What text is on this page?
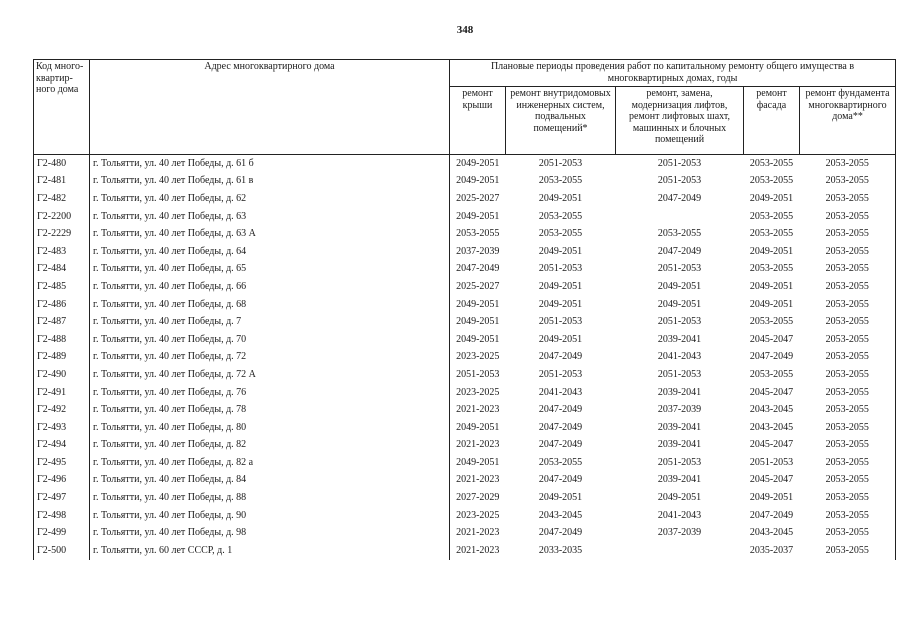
348
Код много-квартир-ного дома	Адрес многоквартирного дома	Плановые периоды проведения работ по капитальному ремонту общего имущества в многоквартирных домах, годы				
		ремонт крыши	ремонт внутридомовых инженерных систем, подвальных помещений*	ремонт, замена, модернизация лифтов, ремонт лифтовых шахт, машинных и блочных помещений	ремонт фасада	ремонт фундамента многоквартирного дома**
Г2-480	г. Тольятти, ул. 40 лет Победы, д. 61 б	2049-2051	2051-2053	2051-2053	2053-2055	2053-2055
Г2-481	г. Тольятти, ул. 40 лет Победы, д. 61 в	2049-2051	2053-2055	2051-2053	2053-2055	2053-2055
Г2-482	г. Тольятти, ул. 40 лет Победы, д. 62	2025-2027	2049-2051	2047-2049	2049-2051	2053-2055
Г2-2200	г. Тольятти, ул. 40 лет Победы, д. 63	2049-2051	2053-2055		2053-2055	2053-2055
Г2-2229	г. Тольятти, ул. 40 лет Победы, д. 63 А	2053-2055	2053-2055	2053-2055	2053-2055	2053-2055
Г2-483	г. Тольятти, ул. 40 лет Победы, д. 64	2037-2039	2049-2051	2047-2049	2049-2051	2053-2055
Г2-484	г. Тольятти, ул. 40 лет Победы, д. 65	2047-2049	2051-2053	2051-2053	2053-2055	2053-2055
Г2-485	г. Тольятти, ул. 40 лет Победы, д. 66	2025-2027	2049-2051	2049-2051	2049-2051	2053-2055
Г2-486	г. Тольятти, ул. 40 лет Победы, д. 68	2049-2051	2049-2051	2049-2051	2049-2051	2053-2055
Г2-487	г. Тольятти, ул. 40 лет Победы, д. 7	2049-2051	2051-2053	2051-2053	2053-2055	2053-2055
Г2-488	г. Тольятти, ул. 40 лет Победы, д. 70	2049-2051	2049-2051	2039-2041	2045-2047	2053-2055
Г2-489	г. Тольятти, ул. 40 лет Победы, д. 72	2023-2025	2047-2049	2041-2043	2047-2049	2053-2055
Г2-490	г. Тольятти, ул. 40 лет Победы, д. 72 А	2051-2053	2051-2053	2051-2053	2053-2055	2053-2055
Г2-491	г. Тольятти, ул. 40 лет Победы, д. 76	2023-2025	2041-2043	2039-2041	2045-2047	2053-2055
Г2-492	г. Тольятти, ул. 40 лет Победы, д. 78	2021-2023	2047-2049	2037-2039	2043-2045	2053-2055
Г2-493	г. Тольятти, ул. 40 лет Победы, д. 80	2049-2051	2047-2049	2039-2041	2043-2045	2053-2055
Г2-494	г. Тольятти, ул. 40 лет Победы, д. 82	2021-2023	2047-2049	2039-2041	2045-2047	2053-2055
Г2-495	г. Тольятти, ул. 40 лет Победы, д. 82 а	2049-2051	2053-2055	2051-2053	2051-2053	2053-2055
Г2-496	г. Тольятти, ул. 40 лет Победы, д. 84	2021-2023	2047-2049	2039-2041	2045-2047	2053-2055
Г2-497	г. Тольятти, ул. 40 лет Победы, д. 88	2027-2029	2049-2051	2049-2051	2049-2051	2053-2055
Г2-498	г. Тольятти, ул. 40 лет Победы, д. 90	2023-2025	2043-2045	2041-2043	2047-2049	2053-2055
Г2-499	г. Тольятти, ул. 40 лет Победы, д. 98	2021-2023	2047-2049	2037-2039	2043-2045	2053-2055
Г2-500	г. Тольятти, ул. 60 лет СССР, д. 1	2021-2023	2033-2035		2035-2037	2053-2055
